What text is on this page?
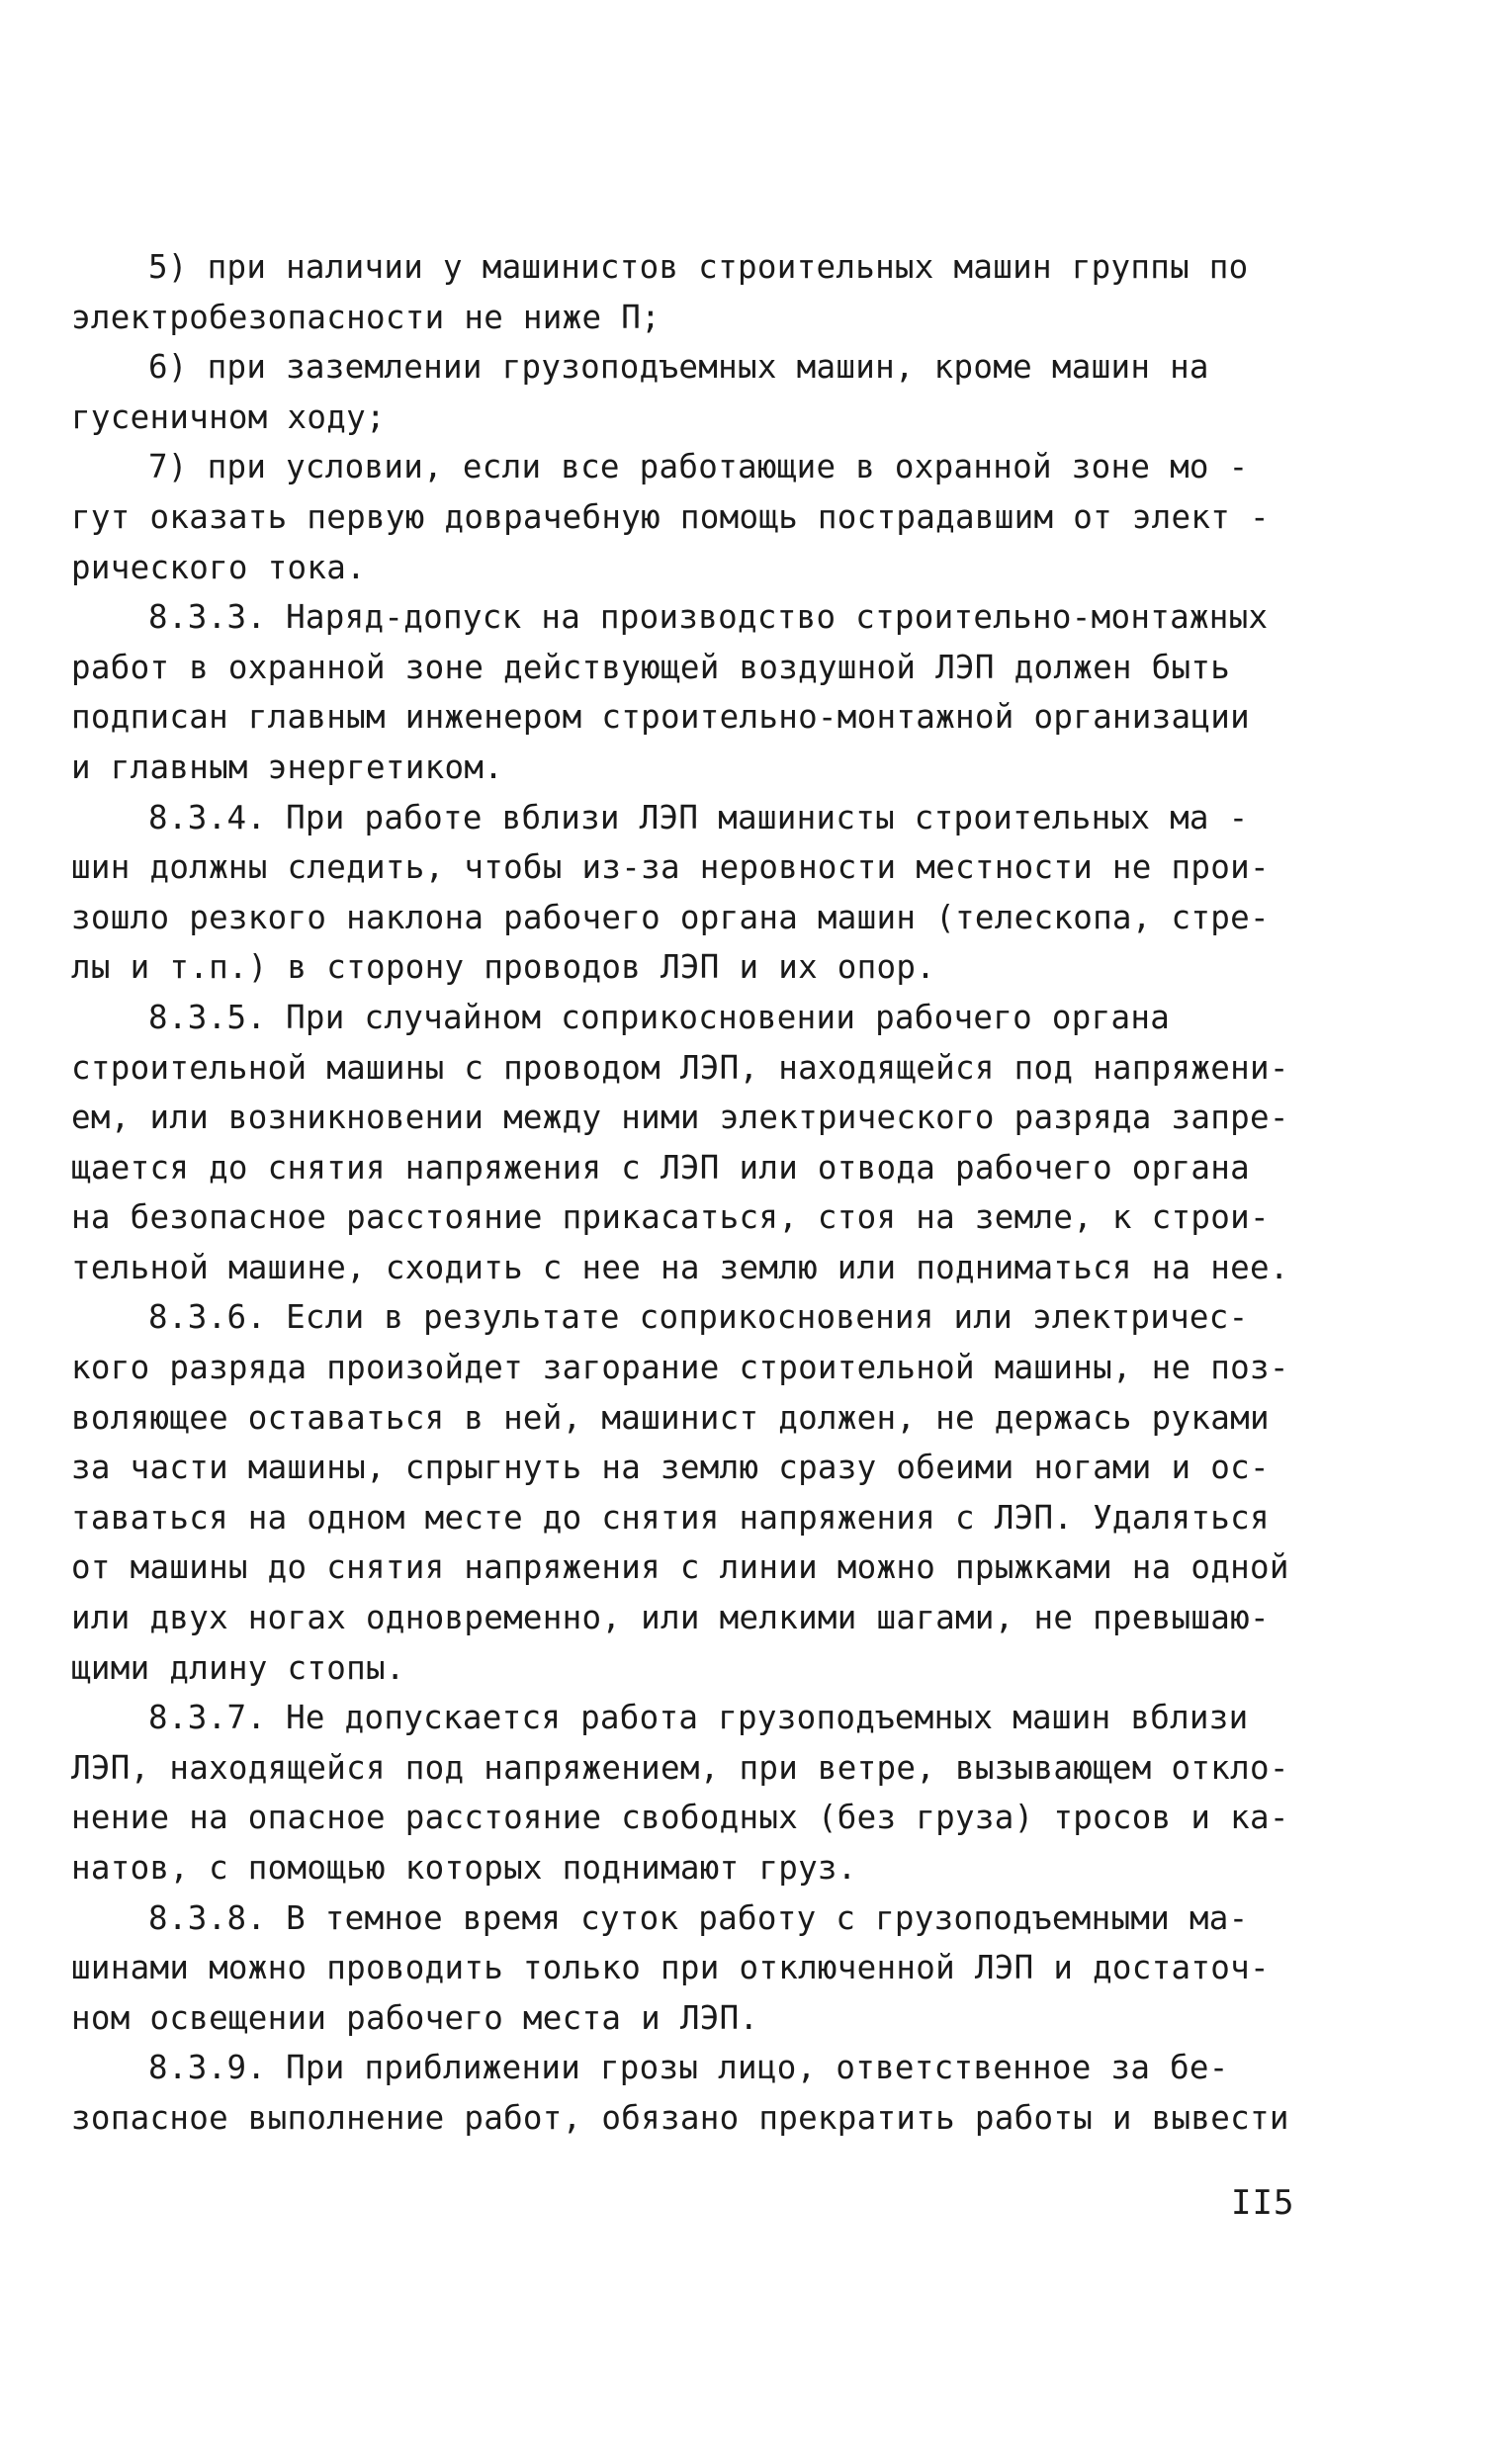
5) при наличии у машинистов строительных машин группы по
электробезопасности не ниже П;
6) при заземлении грузоподъемных машин, кроме машин на
гусеничном ходу;
7) при условии, если все работающие в охранной зоне мо -
гут оказать первую доврачебную помощь пострадавшим от элект -
рического тока.
8.3.3. Наряд-допуск на производство строительно-монтажных
работ в охранной зоне действующей воздушной ЛЭП должен быть
подписан главным инженером строительно-монтажной организации
и главным энергетиком.
8.3.4. При работе вблизи ЛЭП машинисты строительных ма -
шин должны следить, чтобы из-за неровности местности не прои-
зошло резкого наклона рабочего органа машин (телескопа, стре-
лы и т.п.) в сторону проводов ЛЭП и их опор.
8.3.5. При случайном соприкосновении рабочего органа
строительной машины с проводом ЛЭП, находящейся под напряжени-
ем, или возникновении между ними электрического разряда запре-
щается до снятия напряжения с ЛЭП или отвода рабочего органа
на безопасное расстояние прикасаться, стоя на земле, к строи-
тельной машине, сходить с нее на землю или подниматься на нее.
8.3.6. Если в результате соприкосновения или электричес-
кого разряда произойдет загорание строительной машины, не поз-
воляющее оставаться в ней, машинист должен, не держась руками
за части машины, спрыгнуть на землю сразу обеими ногами и ос-
таваться на одном месте до снятия напряжения с ЛЭП. Удаляться
от машины до снятия напряжения с линии можно прыжками на одной
или двух ногах одновременно, или мелкими шагами, не превышаю-
щими длину стопы.
8.3.7. Не допускается работа грузоподъемных машин вблизи
ЛЭП, находящейся под напряжением, при ветре, вызывающем откло-
нение на опасное расстояние свободных (без груза) тросов и ка-
натов, с помощью которых поднимают груз.
8.3.8. В темное время суток работу с грузоподъемными ма-
шинами можно проводить только при отключенной ЛЭП и достаточ-
ном освещении рабочего места и ЛЭП.
8.3.9. При приближении грозы лицо, ответственное за бе-
зопасное выполнение работ, обязано прекратить работы и вывести
II5
